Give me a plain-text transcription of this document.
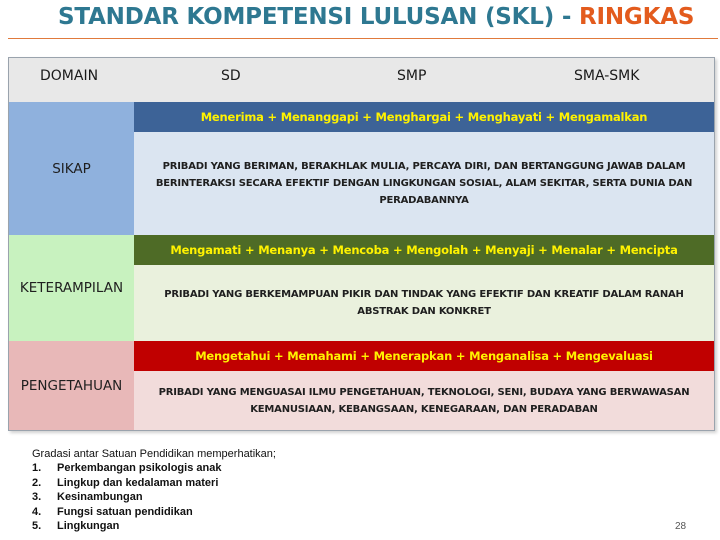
STANDAR KOMPETENSI LULUSAN (SKL) - RINGKAS
DOMAIN	SD	SMP	SMA-SMK
SIKAP
Menerima + Menanggapi + Menghargai + Menghayati + Mengamalkan
PRIBADI YANG BERIMAN, BERAKHLAK MULIA, PERCAYA DIRI, DAN BERTANGGUNG JAWAB DALAM BERINTERAKSI SECARA EFEKTIF DENGAN LINGKUNGAN SOSIAL, ALAM SEKITAR, SERTA DUNIA DAN PERADABANNYA
KETERAMPILAN
Mengamati + Menanya + Mencoba + Mengolah + Menyaji + Menalar + Mencipta
PRIBADI YANG BERKEMAMPUAN PIKIR DAN TINDAK YANG EFEKTIF DAN KREATIF DALAM RANAH ABSTRAK DAN KONKRET
PENGETAHUAN
Mengetahui + Memahami + Menerapkan + Menganalisa + Mengevaluasi
PRIBADI YANG MENGUASAI ILMU PENGETAHUAN, TEKNOLOGI, SENI, BUDAYA YANG BERWAWASAN KEMANUSIAAN, KEBANGSAAN, KENEGARAAN, DAN PERADABAN
Gradasi antar Satuan Pendidikan memperhatikan;
1. Perkembangan psikologis anak
2. Lingkup dan kedalaman materi
3. Kesinambungan
4. Fungsi satuan pendidikan
5. Lingkungan	28
